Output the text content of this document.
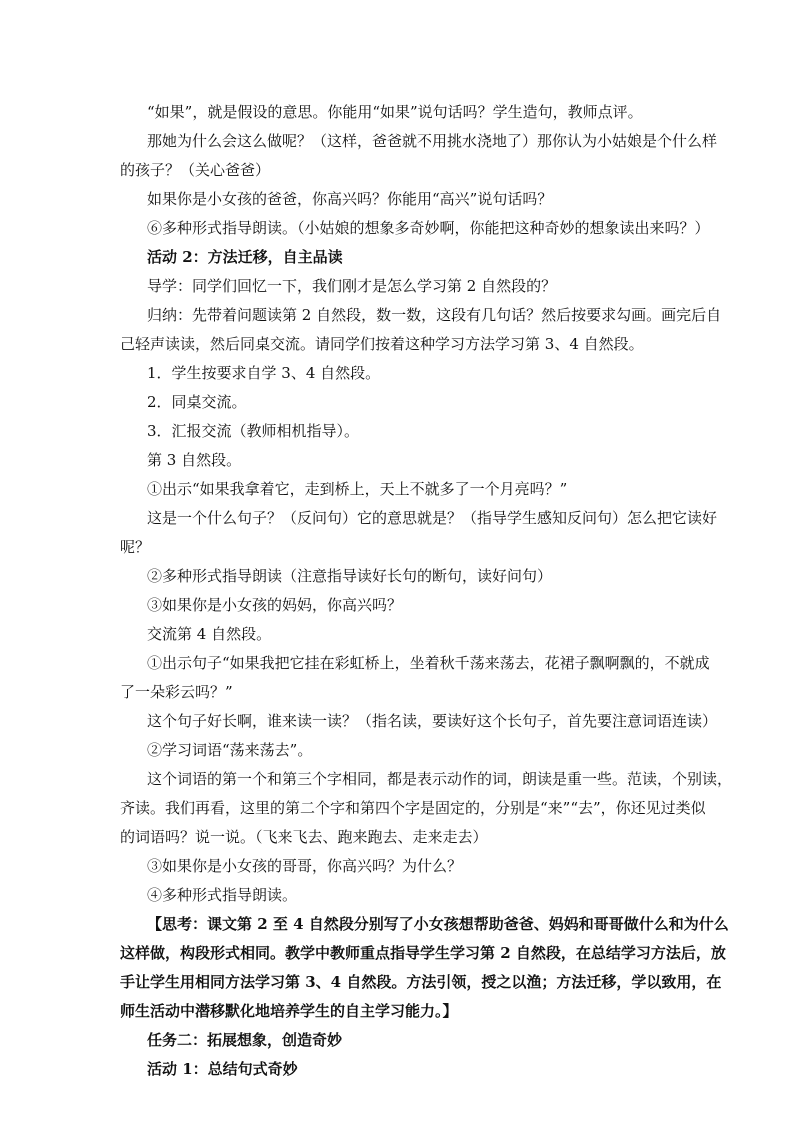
“如果”，就是假设的意思。你能用“如果”说句话吗？学生造句，教师点评。
那她为什么会这么做呢？（这样，爸爸就不用挑水浇地了）那你认为小姑娘是个什么样
的孩子？（关心爸爸）
如果你是小女孩的爸爸，你高兴吗？你能用“高兴”说句话吗？
⑥多种形式指导朗读。（小姑娘的想象多奇妙啊，你能把这种奇妙的想象读出来吗？）
活动 2：方法迁移，自主品读
导学：同学们回忆一下，我们刚才是怎么学习第 2 自然段的？
归纳：先带着问题读第 2 自然段，数一数，这段有几句话？然后按要求勾画。画完后自
己轻声读读，然后同桌交流。请同学们按着这种学习方法学习第 3、4 自然段。
1．学生按要求自学 3、4 自然段。
2．同桌交流。
3．汇报交流（教师相机指导）。
第 3 自然段。
①出示“如果我拿着它，走到桥上，天上不就多了一个月亮吗？”
这是一个什么句子？（反问句）它的意思就是？（指导学生感知反问句）怎么把它读好
呢？
②多种形式指导朗读（注意指导读好长句的断句，读好问句）
③如果你是小女孩的妈妈，你高兴吗？
交流第 4 自然段。
①出示句子“如果我把它挂在彩虹桥上，坐着秋千荡来荡去，花裙子飘啊飘的，不就成
了一朵彩云吗？”
这个句子好长啊，谁来读一读？（指名读，要读好这个长句子，首先要注意词语连读）
②学习词语“荡来荡去”。
这个词语的第一个和第三个字相同，都是表示动作的词，朗读是重一些。范读，个别读，
齐读。我们再看，这里的第二个字和第四个字是固定的，分别是“来”“去”，你还见过类似
的词语吗？说一说。（飞来飞去、跑来跑去、走来走去）
③如果你是小女孩的哥哥，你高兴吗？为什么？
④多种形式指导朗读。
【思考：课文第 2 至 4 自然段分别写了小女孩想帮助爸爸、妈妈和哥哥做什么和为什么
这样做，构段形式相同。教学中教师重点指导学生学习第 2 自然段，在总结学习方法后，放
手让学生用相同方法学习第 3、4 自然段。方法引领，授之以渔；方法迁移，学以致用，在
师生活动中潜移默化地培养学生的自主学习能力。】
任务二：拓展想象，创造奇妙
活动 1：总结句式奇妙
